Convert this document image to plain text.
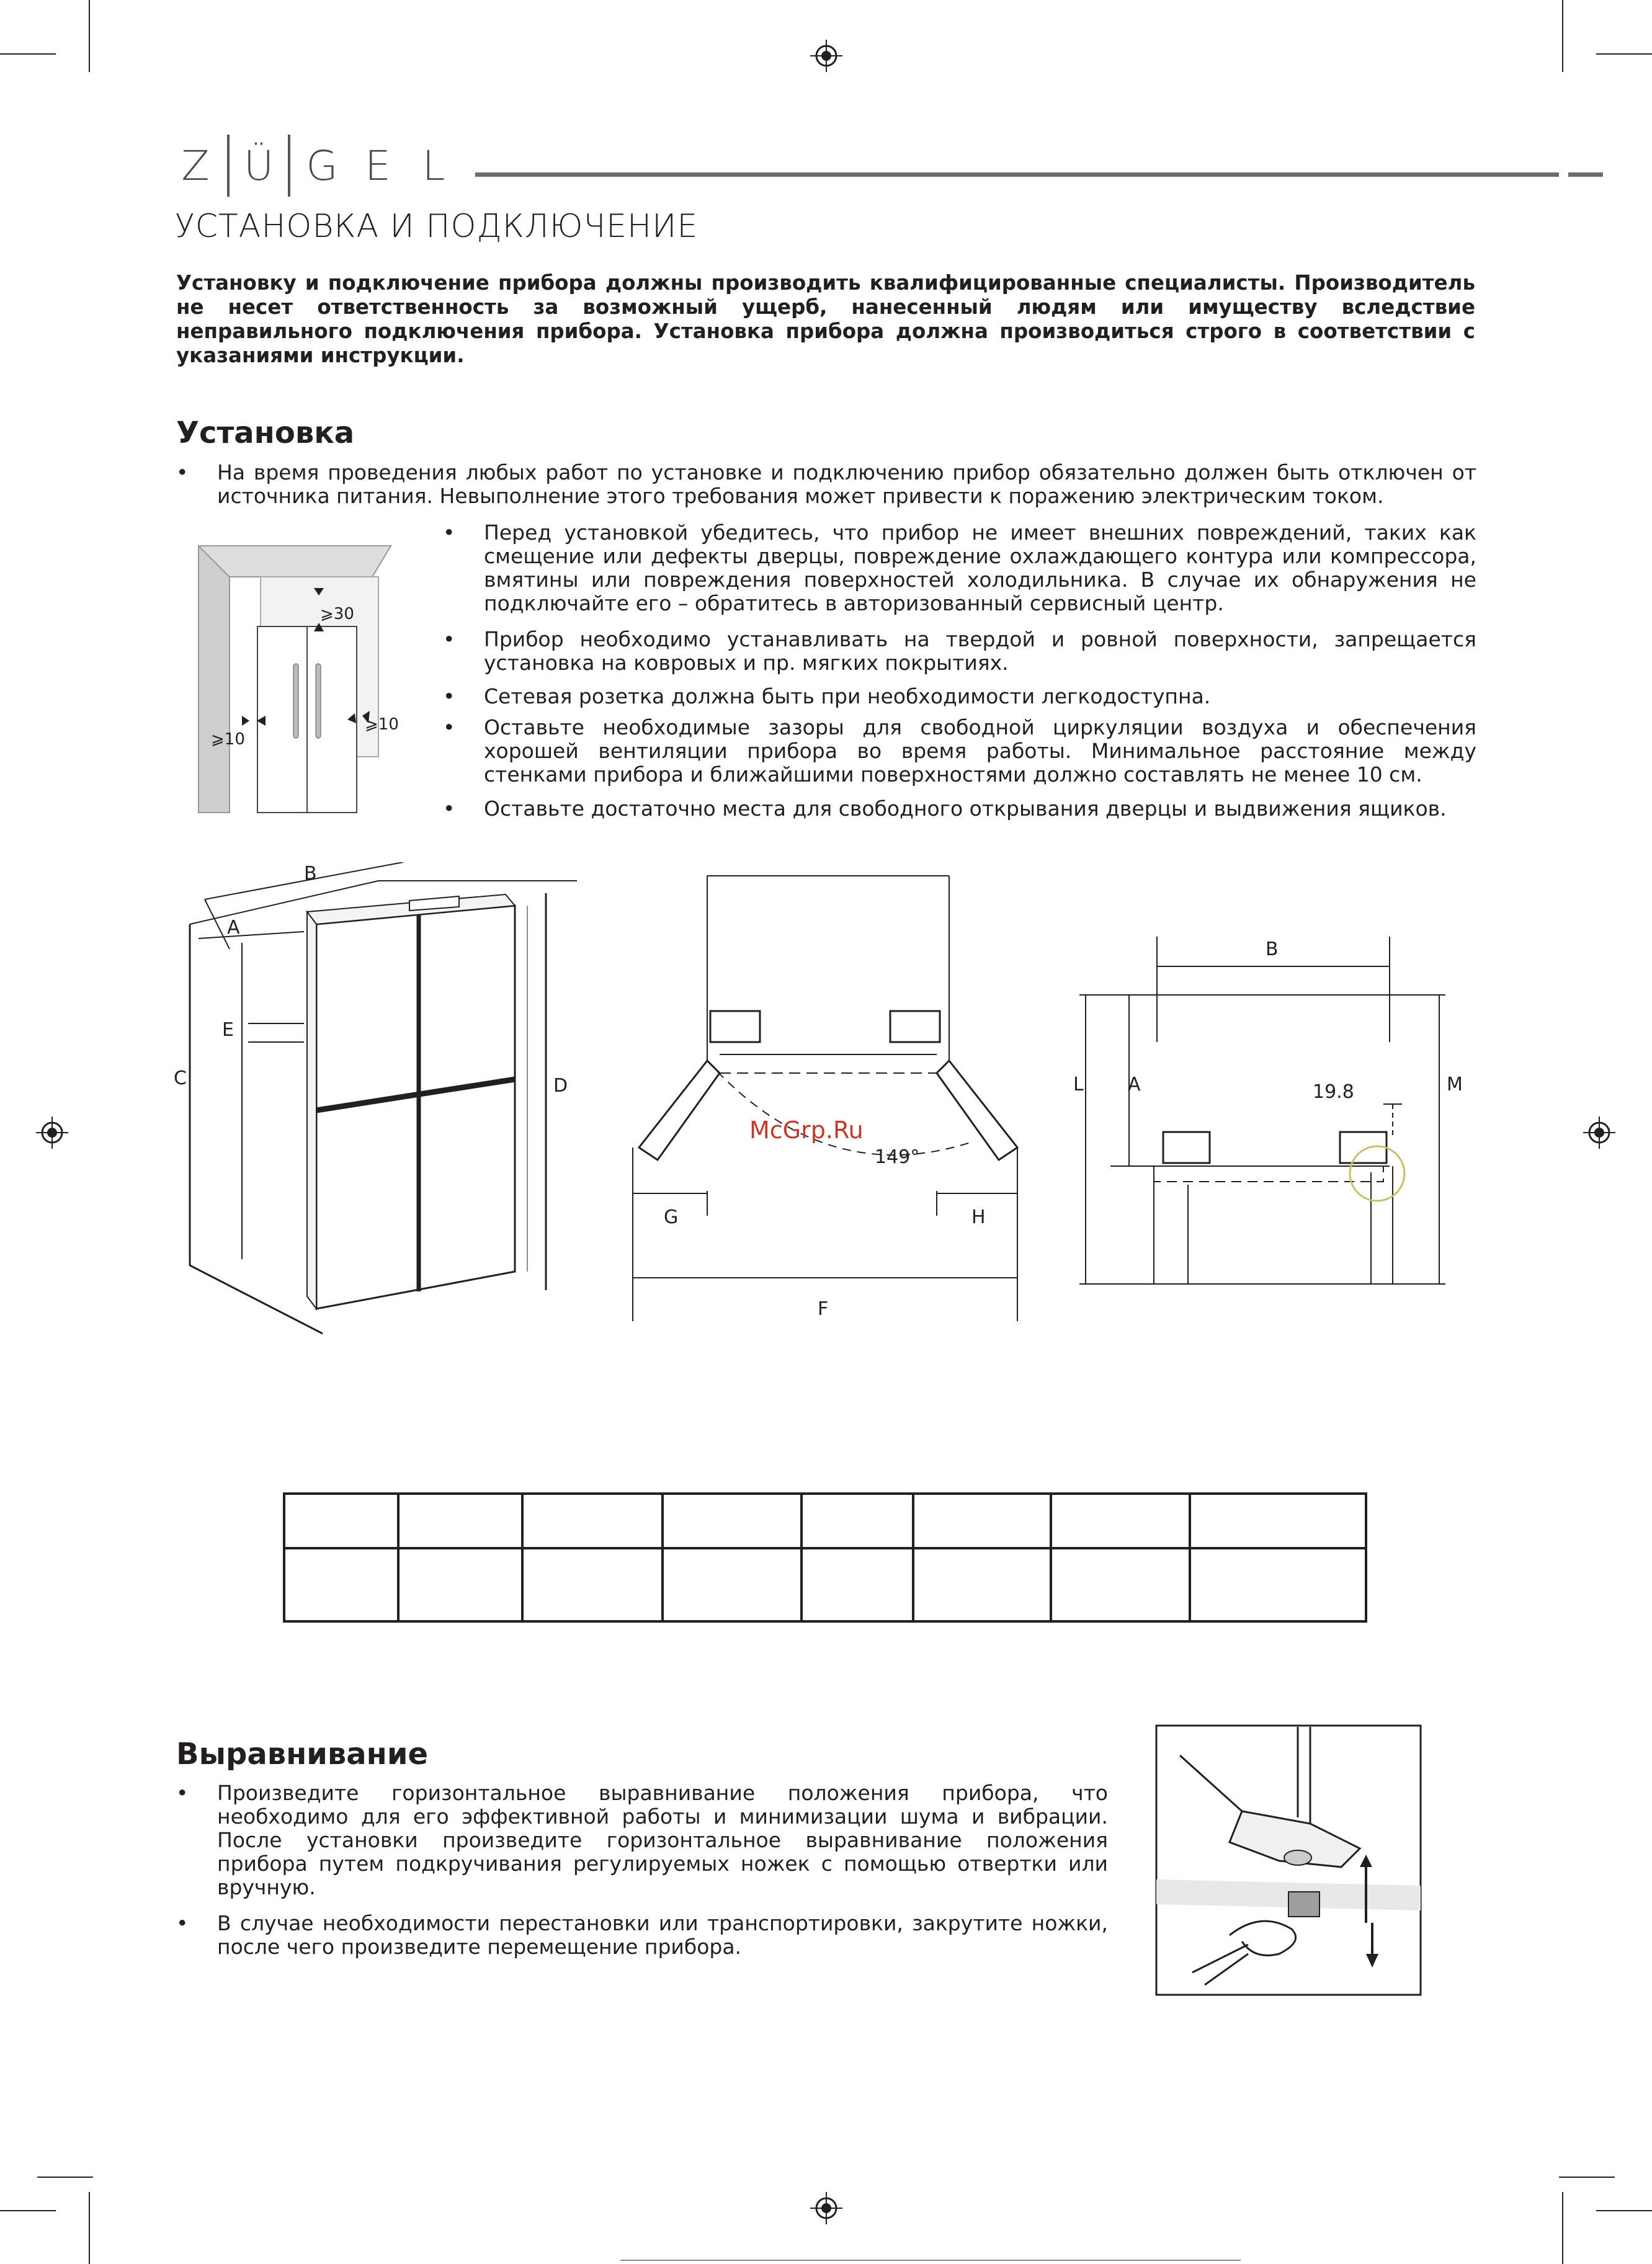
Z Ü G E L
УСТАНОВКА И ПОДКЛЮЧЕНИЕ
Установку и подключение прибора должны производить квалифицированные специалисты. Производитель не несет ответственность за возможный ущерб, нанесенный людям или имуществу вследствие неправильного подключения прибора. Установка прибора должна производиться строго в соответствии с указаниями инструкции.
Установка
• На время проведения любых работ по установке и подключению прибор обязательно должен быть отключен от источника питания. Невыполнение этого требования может привести к поражению электрическим током.
• Перед установкой убедитесь, что прибор не имеет внешних повреждений, таких как смещение или дефекты дверцы, повреждение охлаждающего контура или компрессора, вмятины или повреждения поверхностей холодильника. В случае их обнаружения не подключайте его – обратитесь в авторизованный сервисный центр.
• Прибор необходимо устанавливать на твердой и ровной поверхности, запрещается установка на ковровых и пр. мягких покрытиях.
• Сетевая розетка должна быть при необходимости легкодоступна.
• Оставьте необходимые зазоры для свободной циркуляции воздуха и обеспечения хорошей вентиляции прибора во время работы. Минимальное расстояние между стенками прибора и ближайшими поверхностями должно составлять не менее 10 см.
• Оставьте достаточно места для свободного открывания дверцы и выдвижения ящиков.
⩾30
⩾10
⩾10
B
A
E
C	D
149°
G	H
F
McGrp.Ru
B
L A	M
19.8

Выравнивание
• Произведите горизонтальное выравнивание положения прибора, что необходимо для его эффективной работы и минимизации шума и вибрации. После установки произведите горизонтальное выравнивание положения прибора путем подкручивания регулируемых ножек с помощью отвертки или вручную.
• В случае необходимости перестановки или транспортировки, закрутите ножки, после чего произведите перемещение прибора.
